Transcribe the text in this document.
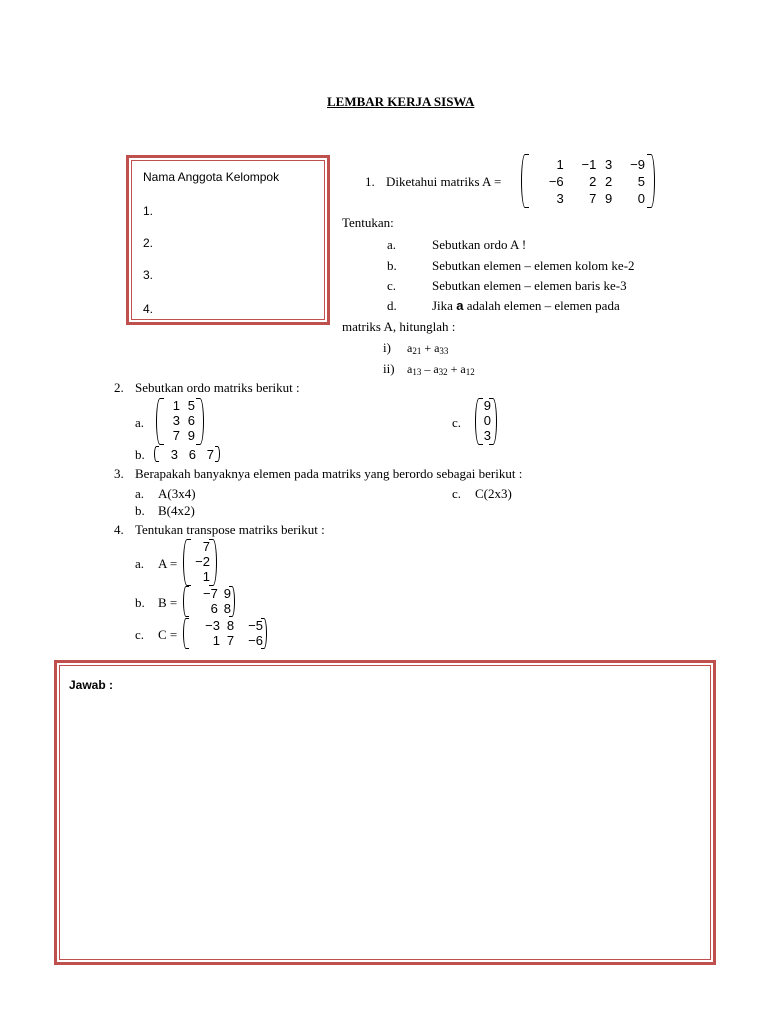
LEMBAR KERJA SISWA
Nama Anggota Kelompok
1.
2.
3.
4.
1. Diketahui matriks A =
1	−1	3	−9
−6	2	2	5
3	7	9	0
Tentukan:
a.	Sebutkan ordo A !
b.	Sebutkan elemen – elemen kolom ke-2
c.	Sebutkan elemen – elemen baris ke-3
d.	Jika a adalah elemen – elemen pada
matriks A, hitunglah :
i) $a_{21} + a_{33}$
ii) $a_{13} - a_{32} + a_{12}$
2. Sebutkan ordo matriks berikut :
a.
1	5
3	6
7	9
c.
9
0
3
b. 3	6	7
3. Berapakah banyaknya elemen pada matriks yang berordo sebagai berikut :
a. A(3x4)	c. C(2x3)
b. B(4x2)
4. Tentukan transpose matriks berikut :
a. A =
7
−2
1
b. B =
−7	9
6	8
c. C =
−3	8	−5
1	7	−6
Jawab :
